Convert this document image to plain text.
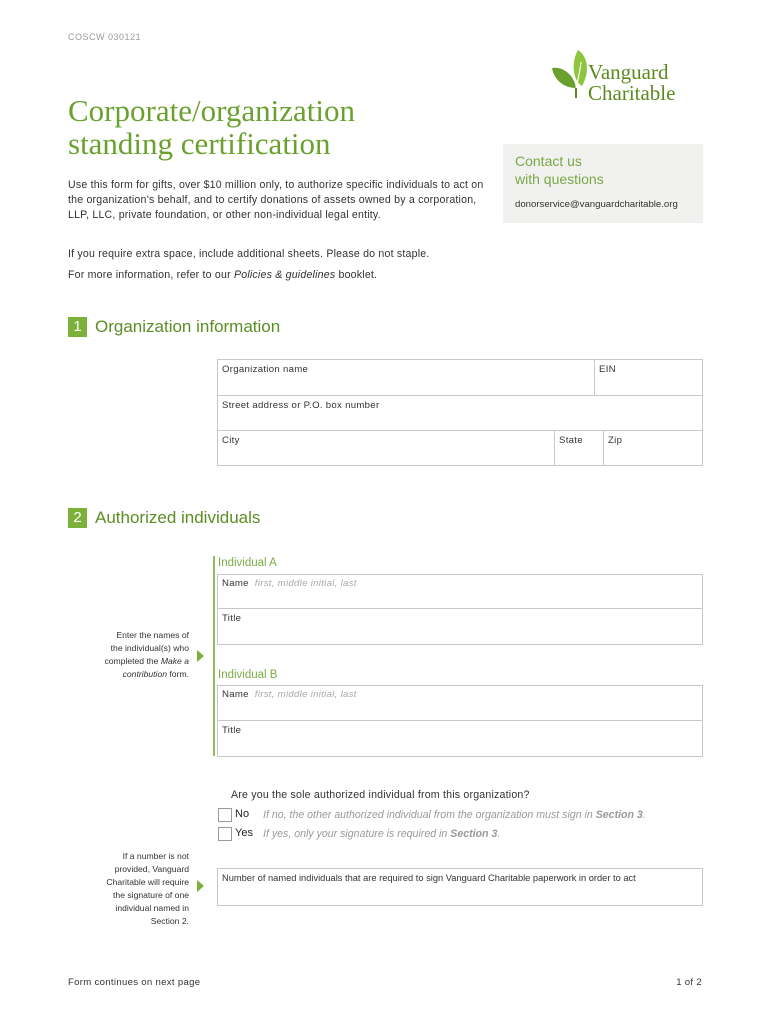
COSCW 030121
Vanguard
Charitable
Corporate/organization
standing certification	Contact us
with questions
donorservice@vanguardcharitable.org
Use this form for gifts, over $10 million only, to authorize specific individuals to act on the organization’s behalf, and to certify donations of assets owned by a corporation, LLP, LLC, private foundation, or other non-individual legal entity.
If you require extra space, include additional sheets. Please do not staple.
For more information, refer to our Policies & guidelines booklet.
1 Organization information
Organization name	EIN
Street address or P.O. box number
City	State	Zip
2 Authorized individuals
Individual A
Name first, middle initial, last
Title
Individual B
Name first, middle initial, last
Title
Enter the names of
the individual(s) who
completed the Make a
contribution form.
Are you the sole authorized individual from this organization?
No If no, the other authorized individual from the organization must sign in Section 3.
Yes If yes, only your signature is required in Section 3.
If a number is not
provided, Vanguard
Charitable will require
the signature of one
individual named in
Section 2.
Number of named individuals that are required to sign Vanguard Charitable paperwork in order to act
Form continues on next page	1 of 2
